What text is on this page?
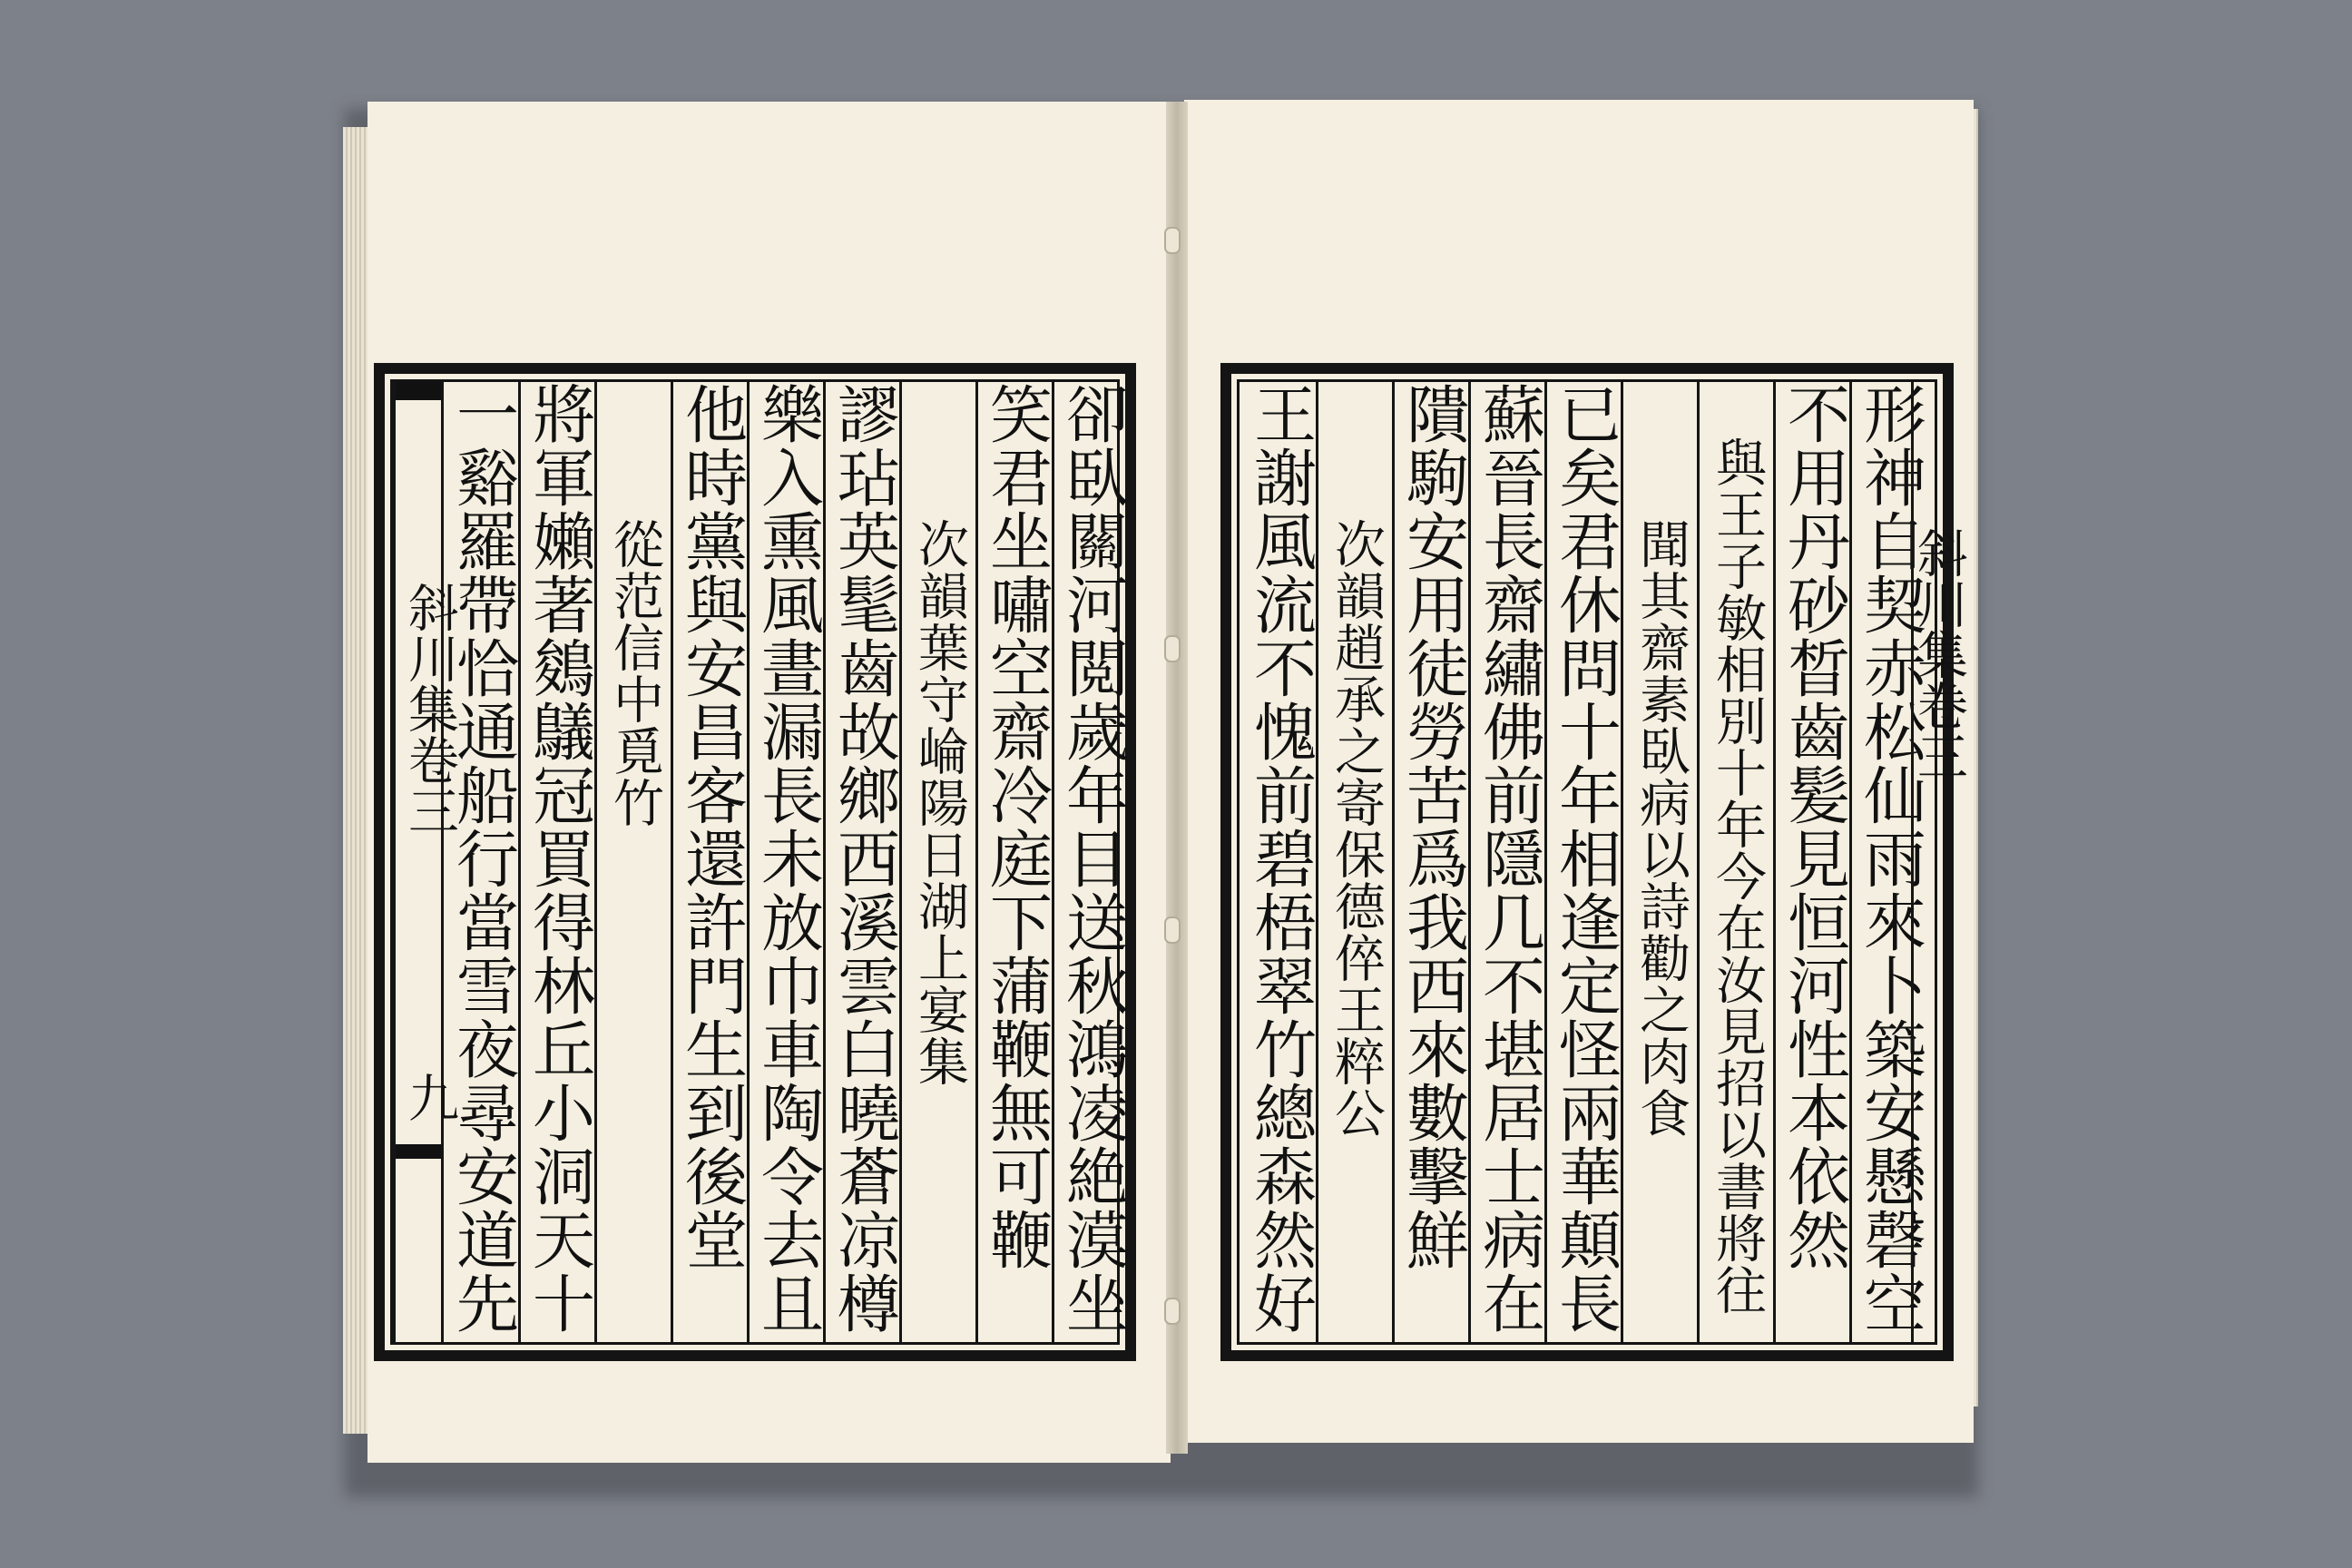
斜川集卷三
九
一谿羅帶恰通船行當雪夜尋安道先
將軍嬾著鵕鸃冠買得林丘小洞天十
從范信中覓竹 他時黨與安昌客還許門生到後堂 樂入熏風晝漏長未放巾車陶令去且
謬玷英髦齒故鄉西溪雲白曉蒼凉樽
次韻葉守崘陽日湖上宴集 笑君坐嘯空齋冷庭下蒲鞭無可鞭 卻臥關河閲歲年目送秋鴻凌絶漠坐
王謝風流不愧前碧梧翠竹總森然好
次韻趙承之寄保德倅王粹公 隤駒安用徒勞苦爲我西來數擊鮮 蘇晉長齋繡佛前隱几不堪居士病在
已矣君休問十年相逢定怪兩華顛長
聞其齋素臥病以詩勸之肉食
與王子敏相別十年今在汝見招以書將往
不用丹砂晳齒髪見恒河性本依然 形神自契赤松仙雨來卜築安懸磬空
斜川集卷三
